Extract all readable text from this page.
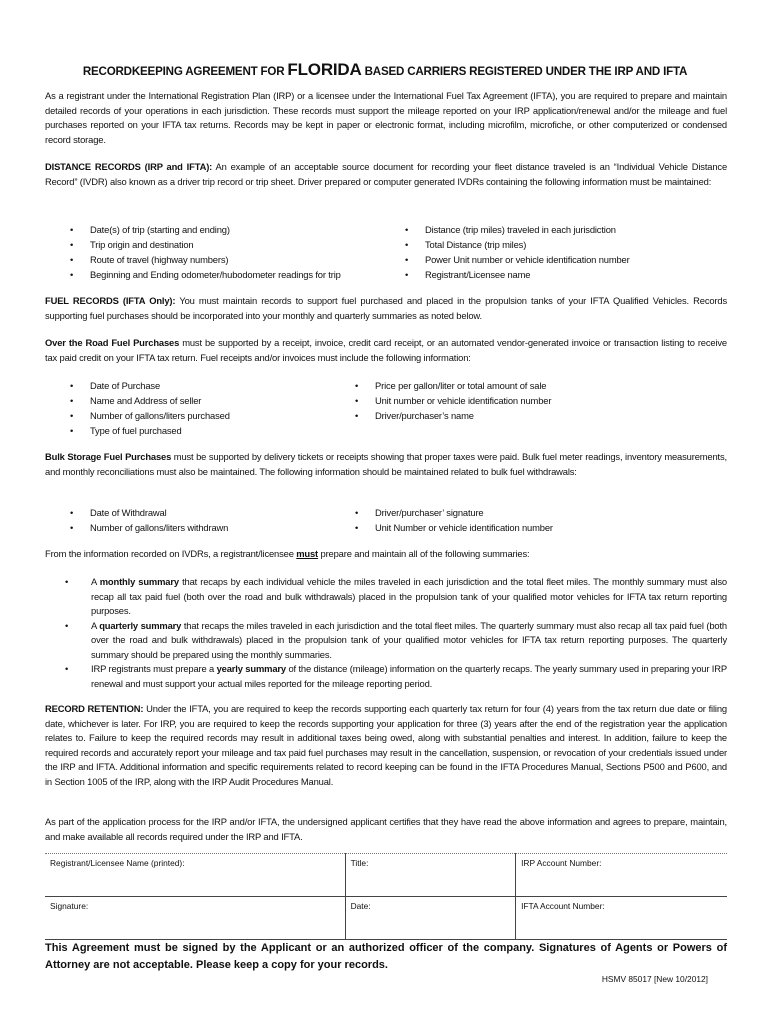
RECORDKEEPING AGREEMENT FOR FLORIDA BASED CARRIERS REGISTERED UNDER THE IRP AND IFTA

As a registrant under the International Registration Plan (IRP) or a licensee under the International Fuel Tax Agreement (IFTA), you are required to prepare and maintain detailed records of your operations in each jurisdiction. These records must support the mileage reported on your IRP application/renewal and/or the mileage and fuel purchases reported on your IFTA tax returns. Records may be kept in paper or electronic format, including microfilm, microfiche, or other computerized or condensed record storage.

DISTANCE RECORDS (IRP and IFTA): An example of an acceptable source document for recording your fleet distance traveled is an “Individual Vehicle Distance Record” (IVDR) also known as a driver trip record or trip sheet. Driver prepared or computer generated IVDRs containing the following information must be maintained:

• Date(s) of trip (starting and ending)
• Trip origin and destination
• Route of travel (highway numbers)
• Beginning and Ending odometer/hubodometer readings for trip
• Distance (trip miles) traveled in each jurisdiction
• Total Distance (trip miles)
• Power Unit number or vehicle identification number
• Registrant/Licensee name

FUEL RECORDS (IFTA Only): You must maintain records to support fuel purchased and placed in the propulsion tanks of your IFTA Qualified Vehicles. Records supporting fuel purchases should be incorporated into your monthly and quarterly summaries as noted below.

Over the Road Fuel Purchases must be supported by a receipt, invoice, credit card receipt, or an automated vendor-generated invoice or transaction listing to receive tax paid credit on your IFTA tax return. Fuel receipts and/or invoices must include the following information:

• Date of Purchase
• Name and Address of seller
• Number of gallons/liters purchased
• Type of fuel purchased
• Price per gallon/liter or total amount of sale
• Unit number or vehicle identification number
• Driver/purchaser’s name

Bulk Storage Fuel Purchases must be supported by delivery tickets or receipts showing that proper taxes were paid. Bulk fuel meter readings, inventory measurements, and monthly reconciliations must also be maintained. The following information should be maintained related to bulk fuel withdrawals:

• Date of Withdrawal
• Number of gallons/liters withdrawn
• Driver/purchaser’ signature
• Unit Number or vehicle identification number

From the information recorded on IVDRs, a registrant/licensee must prepare and maintain all of the following summaries:

• A monthly summary that recaps by each individual vehicle the miles traveled in each jurisdiction and the total fleet miles. The monthly summary must also recap all tax paid fuel (both over the road and bulk withdrawals) placed in the propulsion tank of your qualified motor vehicles for IFTA tax return reporting purposes.
• A quarterly summary that recaps the miles traveled in each jurisdiction and the total fleet miles. The quarterly summary must also recap all tax paid fuel (both over the road and bulk withdrawals) placed in the propulsion tank of your qualified motor vehicles for IFTA tax return reporting purposes. The quarterly summary should be prepared using the monthly summaries.
• IRP registrants must prepare a yearly summary of the distance (mileage) information on the quarterly recaps. The yearly summary used in preparing your IRP renewal and must support your actual miles reported for the mileage reporting period.

RECORD RETENTION: Under the IFTA, you are required to keep the records supporting each quarterly tax return for four (4) years from the tax return due date or filing date, whichever is later. For IRP, you are required to keep the records supporting your application for three (3) years after the end of the registration year the application relates to. Failure to keep the required records may result in additional taxes being owed, along with substantial penalties and interest. In addition, failure to keep the required records and accurately report your mileage and tax paid fuel purchases may result in the cancellation, suspension, or revocation of your credentials issued under the IRP and IFTA. Additional information and specific requirements related to record keeping can be found in the IFTA Procedures Manual, Sections P500 and P600, and in Section 1005 of the IRP, along with the IRP Audit Procedures Manual.

As part of the application process for the IRP and/or IFTA, the undersigned applicant certifies that they have read the above information and agrees to prepare, maintain, and make available all records required under the IRP and IFTA.

Registrant/Licensee Name (printed):	Title:	IRP Account Number:
Signature:	Date:	IFTA Account Number:

This Agreement must be signed by the Applicant or an authorized officer of the company. Signatures of Agents or Powers of Attorney are not acceptable. Please keep a copy for your records.

HSMV 85017 [New 10/2012]
